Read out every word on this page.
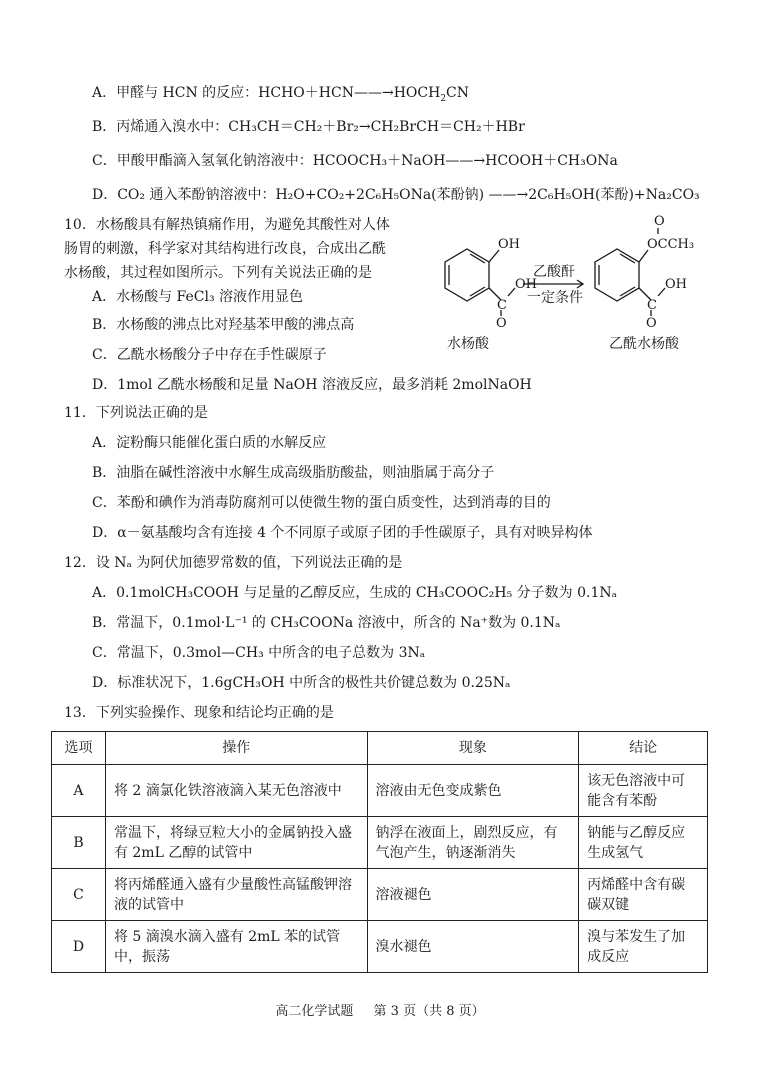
A．甲醛与 HCN 的反应：$HCHO+HCN——\to HOCH_2CN$
B．丙烯通入溴水中：CH₃CH＝CH₂＋Br₂→CH₂BrCH＝CH₂＋HBr
C．甲酸甲酯滴入氢氧化钠溶液中：HCOOCH₃＋NaOH——→HCOOH＋CH₃ONa
D．CO₂ 通入苯酚钠溶液中：H₂O+CO₂+2C₆H₅ONa(苯酚钠) ——→2C₆H₅OH(苯酚)+Na₂CO₃
10．水杨酸具有解热镇痛作用，为避免其酸性对人体
肠胃的刺激，科学家对其结构进行改良，合成出乙酰
水杨酸，其过程如图所示。下列有关说法正确的是
A．水杨酸与 FeCl₃ 溶液作用显色
B．水杨酸的沸点比对羟基苯甲酸的沸点高
C．乙酰水杨酸分子中存在手性碳原子
D．1mol 乙酰水杨酸和足量 NaOH 溶液反应，最多消耗 2molNaOH
OH
C
OH
O
乙酸酐
一定条件
O
OCCH₃
C
OH
O
水杨酸	乙酰水杨酸
11．下列说法正确的是
A．淀粉酶只能催化蛋白质的水解反应
B．油脂在碱性溶液中水解生成高级脂肪酸盐，则油脂属于高分子
C．苯酚和碘作为消毒防腐剂可以使微生物的蛋白质变性，达到消毒的目的
D．α－氨基酸均含有连接 4 个不同原子或原子团的手性碳原子，具有对映异构体
12．设 Nₐ 为阿伏加德罗常数的值，下列说法正确的是
A．0.1molCH₃COOH 与足量的乙醇反应，生成的 CH₃COOC₂H₅ 分子数为 0.1Nₐ
B．常温下，0.1mol·L⁻¹ 的 CH₃COONa 溶液中，所含的 Na⁺数为 0.1Nₐ
C．常温下，0.3mol—CH₃ 中所含的电子总数为 3Nₐ
D．标准状况下，1.6gCH₃OH 中所含的极性共价键总数为 0.25Nₐ
13．下列实验操作、现象和结论均正确的是
选项	操作	现象	结论
A	将 2 滴氯化铁溶液滴入某无色溶液中	溶液由无色变成紫色	该无色溶液中可能含有苯酚
B	常温下，将绿豆粒大小的金属钠投入盛有 2mL 乙醇的试管中	钠浮在液面上，剧烈反应，有气泡产生，钠逐渐消失	钠能与乙醇反应生成氢气
C	将丙烯醛通入盛有少量酸性高锰酸钾溶液的试管中	溶液褪色	丙烯醛中含有碳碳双键
D	将 5 滴溴水滴入盛有 2mL 苯的试管中，振荡	溴水褪色	溴与苯发生了加成反应
高二化学试题 第 3 页（共 8 页）
